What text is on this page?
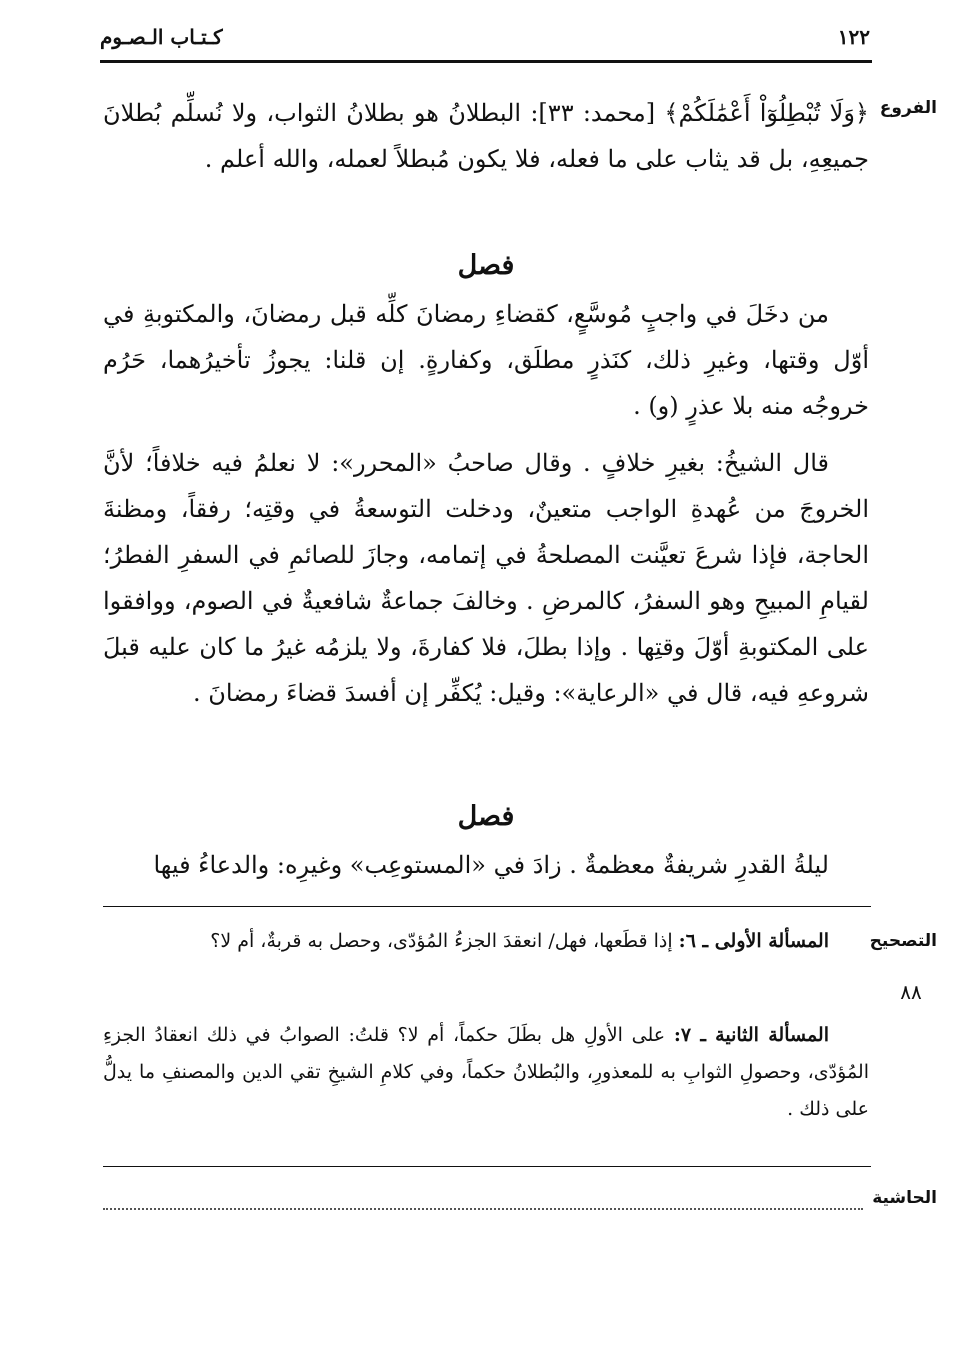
١٢٢
كـتـاب الـصـوم
الفروع

﴿وَلَا تُبْطِلُوٓاْ أَعْمَٰلَكُمْ﴾ [محمد: ٣٣]: البطلانُ هو بطلانُ الثواب، ولا نُسلِّم بُطلانَ جميعِهِ، بل قد يثاب على ما فعله، فلا يكون مُبطلاً لعمله، والله أعلم .

فصل

من دخَلَ في واجبٍ مُوسَّعٍ، كقضاءِ رمضانَ كلِّه قبل رمضانَ، والمكتوبةِ في أوّل وقتها، وغيرِ ذلك، كنَذرٍ مطلَق، وكفارةٍ. إن قلنا: يجوزُ تأخيرُهما، حَرُم خروجُه منه بلا عذرٍ (و) .

قال الشيخُ: بغيرِ خلافٍ . وقال صاحبُ «المحرر»: لا نعلمُ فيه خلافاً؛ لأنَّ الخروجَ من عُهدةِ الواجب متعينٌ، ودخلت التوسعةُ في وقتِه؛ رفقاً، ومظنةَ الحاجة، فإذا شرعَ تعيَّنت المصلحةُ في إتمامه، وجازَ للصائمِ في السفرِ الفطرُ؛ لقيامِ المبيحِ وهو السفرُ، كالمرضِ . وخالفَ جماعةٌ شافعيةٌ في الصوم، ووافقوا على المكتوبةِ أوّلَ وقتِها . وإذا بطلَ، فلا كفارةَ، ولا يلزمُه غيرُ ما كان عليه قبلَ شروعهِ فيه، قال في «الرعاية»: وقيل: يُكفِّر إن أفسدَ قضاءَ رمضانَ .

فصل

ليلةُ القدرِ شريفةٌ معظمةٌ . زادَ في «المستوعِب» وغيرِه: والدعاءُ فيها

التصحيح
٨٨

المسألة الأولى ـ ٦: إذا قطَعها، فهل/ انعقدَ الجزءُ المُؤدّى، وحصل به قربةٌ، أم لا؟

المسألة الثانية ـ ٧: على الأولِ هل بطَلَ حكماً، أم لا؟ قلتُ: الصوابُ في ذلك انعقادُ الجزءِ المُؤدّى، وحصولِ الثوابِ به للمعذورِ، والبُطلانُ حكماً، وفي كلامِ الشيخِ تقي الدين والمصنفِ ما يدلُّ على ذلك .

الحاشية
